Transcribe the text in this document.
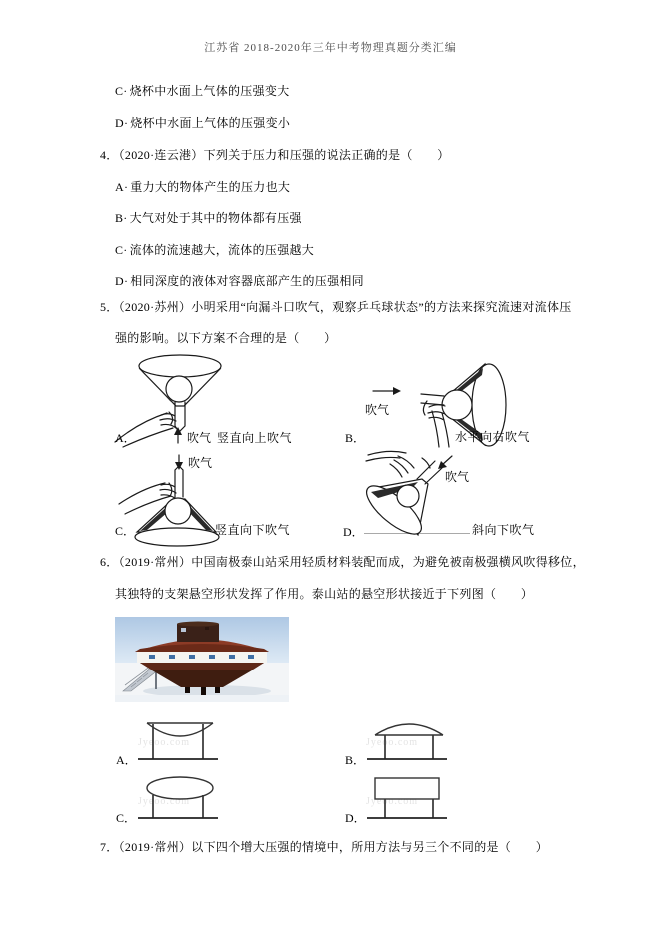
江苏省 2018-2020年三年中考物理真题分类汇编
C· 烧杯中水面上气体的压强变大
D· 烧杯中水面上气体的压强变小
4．（2020·连云港）下列关于压力和压强的说法正确的是（　　）
A· 重力大的物体产生的压力也大
B· 大气对处于其中的物体都有压强
C· 流体的流速越大，流体的压强越大
D· 相同深度的液体对容器底部产生的压强相同
5．（2020·苏州）小明采用“向漏斗口吹气，观察乒乓球状态”的方法来探究流速对流体压
强的影响。以下方案不合理的是（　　）
吹气
A．	竖直向上吹气
吹气
B．	水平向右吹气
吹气
C．	竖直向下吹气
吹气
D．	斜向下吹气
6．（2019·常州）中国南极泰山站采用轻质材料装配而成，为避免被南极强横风吹得移位，
其独特的支架悬空形状发挥了作用。泰山站的悬空形状接近于下列图（　　）
Jyeoo.com	Jyeoo.com
Jyeoo.com	Jyeoo.com
A．	B．
C．	D．
7．（2019·常州）以下四个增大压强的情境中，所用方法与另三个不同的是（　　）
